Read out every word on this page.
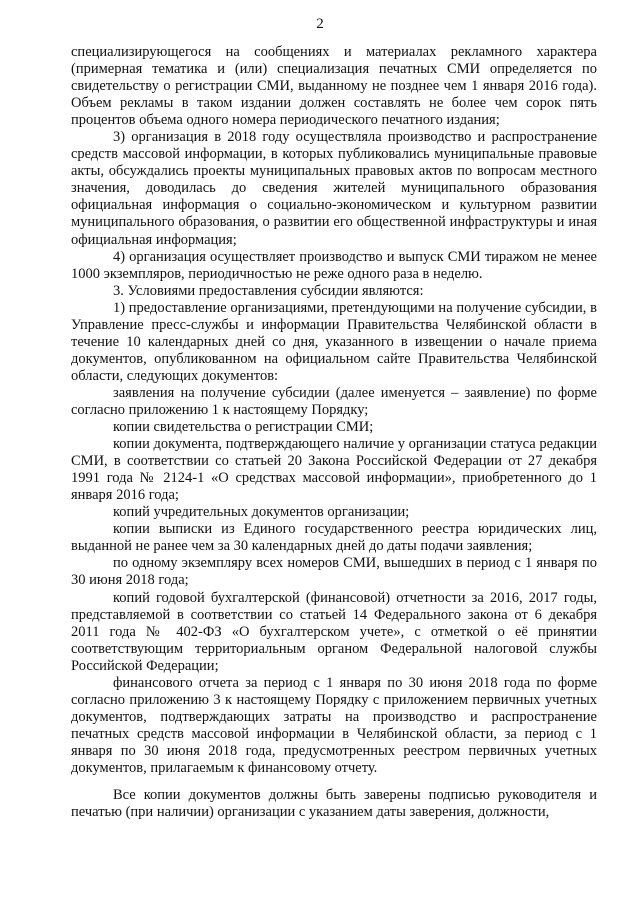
2

специализирующегося на сообщениях и материалах рекламного характера (примерная тематика и (или) специализация печатных СМИ определяется по свидетельству о регистрации СМИ, выданному не позднее чем 1 января 2016 года). Объем рекламы в таком издании должен составлять не более чем сорок пять процентов объема одного номера периодического печатного издания;

3) организация в 2018 году осуществляла производство и распространение средств массовой информации, в которых публиковались муниципальные правовые акты, обсуждались проекты муниципальных правовых актов по вопросам местного значения, доводилась до сведения жителей муниципального образования официальная информация о социально-экономическом и культурном развитии муниципального образования, о развитии его общественной инфраструктуры и иная официальная информация;

4) организация осуществляет производство и выпуск СМИ тиражом не менее 1000 экземпляров, периодичностью не реже одного раза в неделю.

3. Условиями предоставления субсидии являются:

1) предоставление организациями, претендующими на получение субсидии, в Управление пресс-службы и информации Правительства Челябинской области в течение 10 календарных дней со дня, указанного в извещении о начале приема документов, опубликованном на официальном сайте Правительства Челябинской области, следующих документов:

заявления на получение субсидии (далее именуется – заявление) по форме согласно приложению 1 к настоящему Порядку;

копии свидетельства о регистрации СМИ;

копии документа, подтверждающего наличие у организации статуса редакции СМИ, в соответствии со статьей 20 Закона Российской Федерации от 27 декабря 1991 года № 2124-1 «О средствах массовой информации», приобретенного до 1 января 2016 года;

копий учредительных документов организации;

копии выписки из Единого государственного реестра юридических лиц, выданной не ранее чем за 30 календарных дней до даты подачи заявления;

по одному экземпляру всех номеров СМИ, вышедших в период с 1 января по 30 июня 2018 года;

копий годовой бухгалтерской (финансовой) отчетности за 2016, 2017 годы, представляемой в соответствии со статьей 14 Федерального закона от 6 декабря 2011 года № 402-ФЗ «О бухгалтерском учете», с отметкой о её принятии соответствующим территориальным органом Федеральной налоговой службы Российской Федерации;

финансового отчета за период с 1 января по 30 июня 2018 года по форме согласно приложению 3 к настоящему Порядку с приложением первичных учетных документов, подтверждающих затраты на производство и распространение печатных средств массовой информации в Челябинской области, за период с 1 января по 30 июня 2018 года, предусмотренных реестром первичных учетных документов, прилагаемым к финансовому отчету.

Все копии документов должны быть заверены подписью руководителя и печатью (при наличии) организации с указанием даты заверения, должности,
